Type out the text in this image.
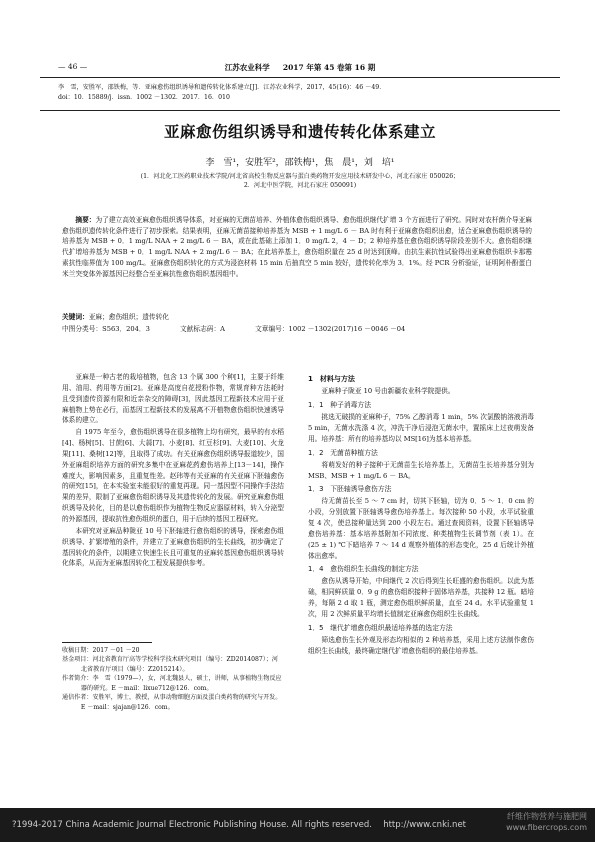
— 46 —	江苏农业科学 2017 年第 45 卷第 16 期
李　雪，安胜军，邵铁梅，等．亚麻愈伤组织诱导和遗传转化体系建立[J]．江苏农业科学，2017，45(16)：46 －49．
doi：10．15889/j．issn．1002 －1302．2017．16．010
亚麻愈伤组织诱导和遗传转化体系建立
李　雪¹，安胜军²，邵铁梅¹，焦　晨¹，刘　培¹
(1．河北化工医药职业技术学院/河北省高校生物反应器与蛋白类药物开发应用技术研发中心，河北石家庄 050026；
2．河北中医学院，河北石家庄 050091)
摘要：为了建立高效亚麻愈伤组织诱导体系，对亚麻的无菌苗培养、外植体愈伤组织诱导、愈伤组织继代扩增 3 个方面进行了研究。同时对农杆菌介导亚麻愈伤组织遗传转化条件进行了初步探索。结果表明，亚麻无菌苗接种培养基为 MSB + 1 mg/L 6 － BA 时有利于亚麻愈伤组织出愈，适合亚麻愈伤组织诱导的培养基为 MSB + 0．1 mg/L NAA + 2 mg/L 6 － BA，或在此基础上添加 1．0 mg/L 2，4 － D；2 种培养基在愈伤组织诱导阶段差别不大。愈伤组织继代扩增培养基为 MSB + 0．1 mg/L NAA + 2 mg/L 6 － BA；在此培养基上，愈伤组织量在 25 d 时达到顶峰。由抗生素抗性试验得出亚麻愈伤组织卡那霉素抗性临界值为 100 mg/L。亚麻愈伤组织转化的方式为浸泡材料 15 min 后抽真空 5 min 较好，遗传转化率为 3．1%。经 PCR 分析验证，证明阿朴酚蛋白米兰突变体外源基因已经整合至亚麻抗性愈伤组织基因组中。
关键词：亚麻；愈伤组织；遗传转化
中图分类号：S563．204．3	文献标志码：A	文章编号：1002 －1302(2017)16 －0046 －04

亚麻是一种古老的栽培植物，包含 13 个属 300 个种[1]，主要于纤维用、油用、药用等方面[2]。亚麻是高度自花授粉作物，常规育种方法耗时且受到遗传资源有限和近亲杂交的障碍[3]，因此基因工程新技术应用于亚麻植物上势在必行，而基因工程新技术的发展离不开植物愈伤组织快速诱导体系的建立。

自 1975 年至今，愈伤组织诱导在很多植物上均有研究，最早的有水稻[4]、杨树[5]、甘蔗[6]、大蒜[7]、小麦[8]、红豆杉[9]、大麦[10]、火龙果[11]、桑树[12]等，且取得了成功。有关亚麻愈伤组织诱导报道较少，国外亚麻组织培养方面的研究多集中在亚麻花药愈伤培养上[13－14]，操作难度大，影响因素多，且重复性差。赵玮等有关亚麻的有关亚麻下胚轴愈伤的研究[15]，在本实验室未能很好的重复再现。同一基因型不同操作手法结果的差异，限制了亚麻愈伤组织诱导及其遗传转化的发展。研究亚麻愈伤组织诱导及转化，目的是以愈伤组织作为植物生物反应器原材料，转入分泌型的外源基因，提取抗性愈伤组织的蛋白，用于后续的基因工程研究。

本研究对亚麻品种陇亚 10 号下胚轴进行愈伤组织的诱导，探索愈伤组织诱导、扩繁增殖的条件，并建立了亚麻愈伤组织的生长曲线，初步确定了基因转化的条件，以期建立快速生长且可重复的亚麻转基因愈伤组织诱导转化体系，从而为亚麻基因转化工程发展提供参考。

1　材料与方法

亚麻种子陇亚 10 号由新疆农业科学院提供。

1．1　种子消毒方法

挑选无破损的亚麻种子，75% 乙醇消毒 1 min，5% 次氯酸钠溶液消毒 5 min，无菌水洗涤 4 次，冲洗干净后浸泡无菌水中，置摇床上过夜萌发备用。培养基：所有的培养基均以 MS[16]为基本培养基。

1．2　无菌苗种植方法

将萌发好的种子接种于无菌苗生长培养基上，无菌苗生长培养基分别为 MSB、MSB + 1 mg/L 6 － BA。

1．3　下胚轴诱导愈伤方法

待无菌苗长至 5 ～ 7 cm 时，切其下胚轴，切为 0．5 ～ 1．0 cm 的小段，分别放置下胚轴诱导愈伤培养基上。每次接种 50 小段，水平试验重复 4 次，使总接种量达到 200 小段左右。通过查阅资料，设置下胚轴诱导愈伤培养基：基本培养基附加不同浓度、种类植物生长调节剂（表 1）。在 (25 ± 1) ℃下暗培养 7 ～ 14 d 观察外植体的形态变化，25 d 后统计外植体出愈率。

1．4　愈伤组织生长曲线的制定方法

愈伤从诱导开始，中间继代 2 次后得到生长旺盛的愈伤组织。以此为基础，相同鲜质量 0．9 g 的愈伤组织接种于固体培养基，共接种 12 瓶。暗培养，每隔 2 d 取 1 瓶，测定愈伤组织鲜质量，直至 24 d。水平试验重复 1 次，用 2 次鲜质量平均增长值制定亚麻愈伤组织生长曲线。

1．5　继代扩增愈伤组织最适培养基的选定方法

筛选愈伤生长外观及形态均相似的 2 种培养基，采用上述方法制作愈伤组织生长曲线，最终确定继代扩增愈伤组织的最佳培养基。

收稿日期：2017 －01 －20
基金项目：河北省教育厅高等学校科学技术研究项目（编号：ZD2014087）；河北省教育厅项目（编号：Z2015214）。
作者简介：李　雪（1979—），女，河北魏县人，硕士，讲师，从事植物生物反应器的研究。E －mail：lixue712@126．com。
通信作者：安胜军，博士，教授，从事动物细胞方面及蛋白类药物的研究与开发。E －mail：sjajan@126．com。
?1994-2017 China Academic Journal Electronic Publishing House. All rights reserved.　 http://www.cnki.net
纤维作物营养与施肥网
www.fibercrops.com
